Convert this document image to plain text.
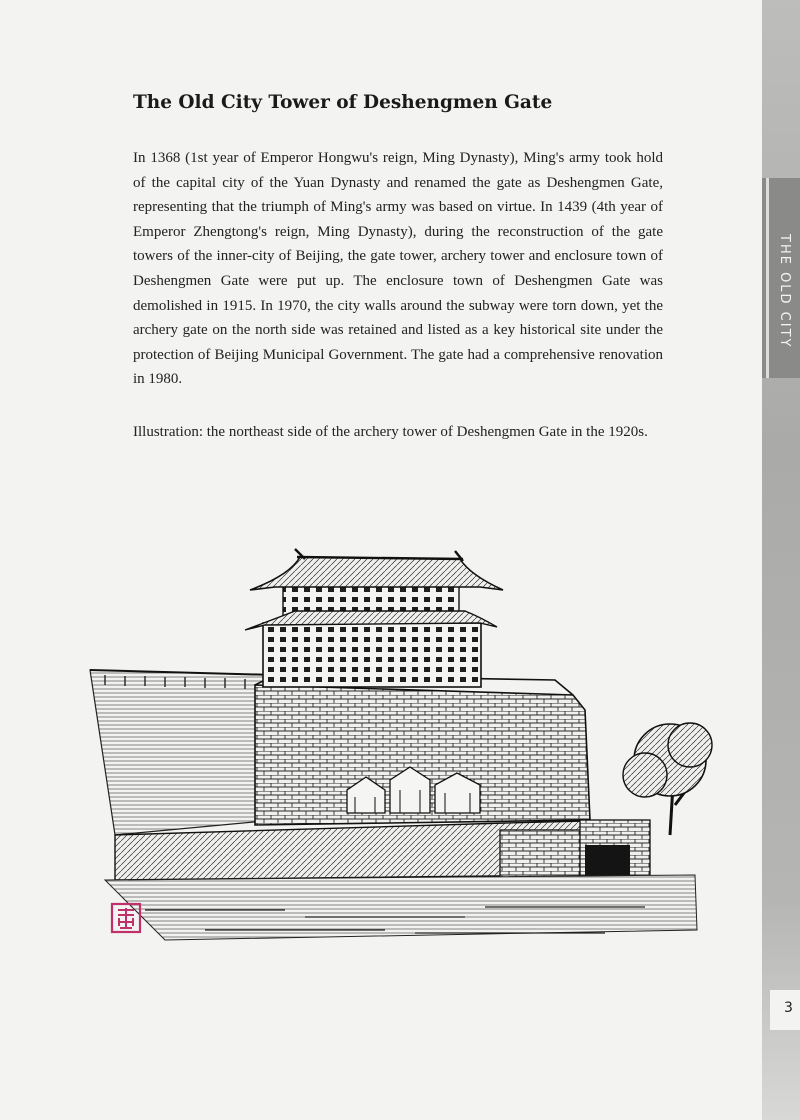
THE OLD CITY
3
The Old City Tower of Deshengmen Gate
In 1368 (1st year of Emperor Hongwu's reign, Ming Dynasty), Ming's army took hold of the capital city of the Yuan Dynasty and renamed the gate as Deshengmen Gate, representing that the triumph of Ming's army was based on virtue. In 1439 (4th year of Emperor Zhengtong's reign, Ming Dynasty), during the reconstruction of the gate towers of the inner-city of Beijing, the gate tower, archery tower and enclosure town of Deshengmen Gate were put up. The enclosure town of Deshengmen Gate was demolished in 1915. In 1970, the city walls around the subway were torn down, yet the archery gate on the north side was retained and listed as a key historical site under the protection of Beijing Municipal Government. The gate had a comprehensive renovation in 1980.
Illustration: the northeast side of the archery tower of Deshengmen Gate in the 1920s.
